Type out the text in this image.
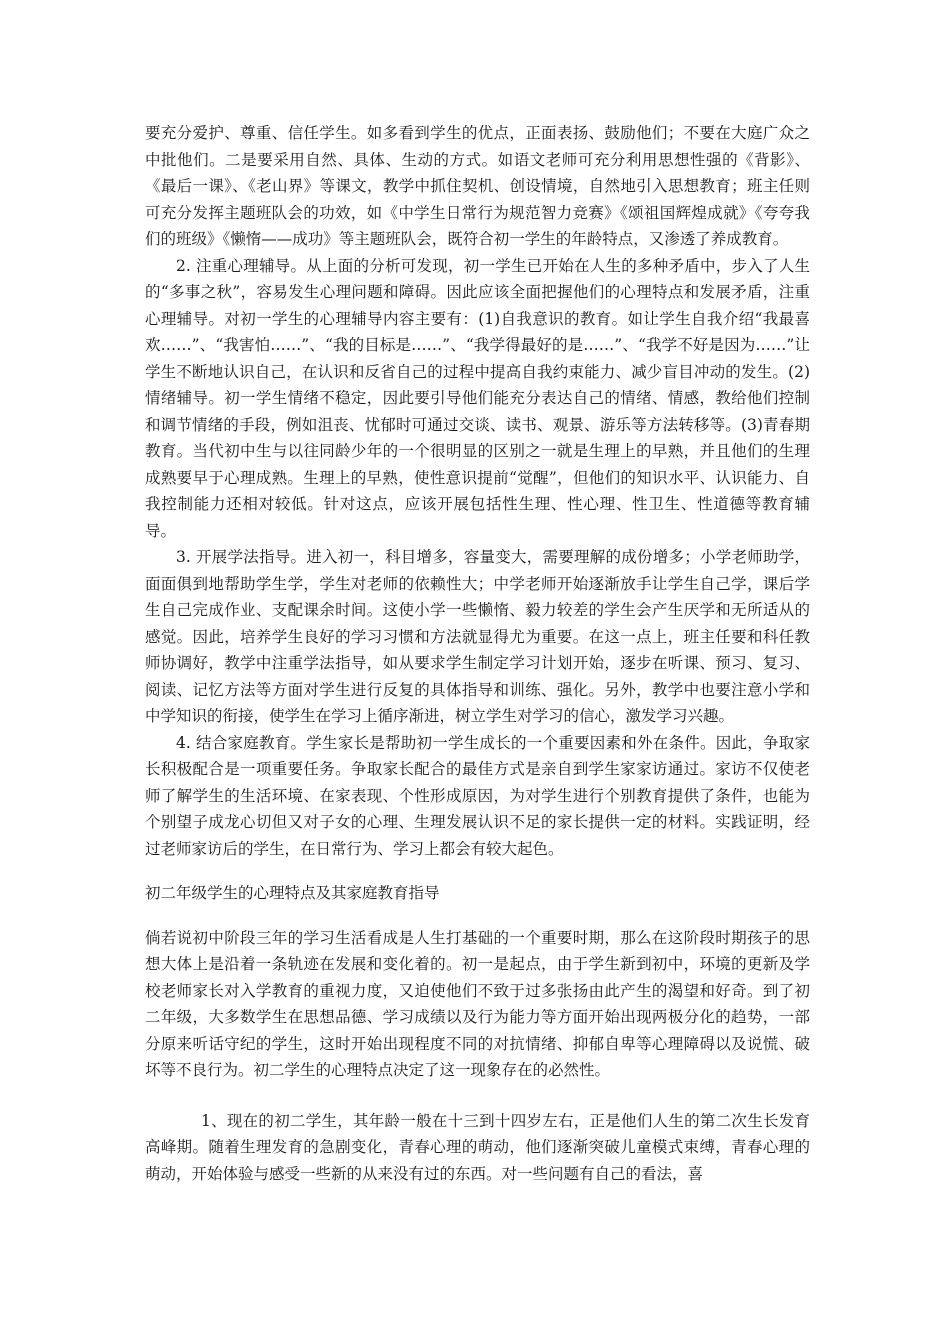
要充分爱护、尊重、信任学生。如多看到学生的优点，正面表扬、鼓励他们；不要在大庭广众之中批他们。二是要采用自然、具体、生动的方式。如语文老师可充分利用思想性强的《背影》、《最后一课》、《老山界》等课文，教学中抓住契机、创设情境，自然地引入思想教育；班主任则可充分发挥主题班队会的功效，如《中学生日常行为规范智力竞赛》《颂祖国辉煌成就》《夸夸我们的班级》《懒惰——成功》等主题班队会，既符合初一学生的年龄特点，又渗透了养成教育。

2. 注重心理辅导。从上面的分析可发现，初一学生已开始在人生的多种矛盾中，步入了人生的“多事之秋”，容易发生心理问题和障碍。因此应该全面把握他们的心理特点和发展矛盾，注重心理辅导。对初一学生的心理辅导内容主要有：(1)自我意识的教育。如让学生自我介绍“我最喜欢……”、“我害怕……”、“我的目标是……”、“我学得最好的是……”、“我学不好是因为……”让学生不断地认识自己，在认识和反省自己的过程中提高自我约束能力、减少盲目冲动的发生。(2)情绪辅导。初一学生情绪不稳定，因此要引导他们能充分表达自己的情绪、情感，教给他们控制和调节情绪的手段，例如沮丧、忧郁时可通过交谈、读书、观景、游乐等方法转移等。(3)青春期教育。当代初中生与以往同龄少年的一个很明显的区别之一就是生理上的早熟，并且他们的生理成熟要早于心理成熟。生理上的早熟，使性意识提前“觉醒”，但他们的知识水平、认识能力、自我控制能力还相对较低。针对这点，应该开展包括性生理、性心理、性卫生、性道德等教育辅导。

3. 开展学法指导。进入初一，科目增多，容量变大，需要理解的成份增多；小学老师助学，面面俱到地帮助学生学，学生对老师的依赖性大；中学老师开始逐渐放手让学生自己学，课后学生自己完成作业、支配课余时间。这使小学一些懒惰、毅力较差的学生会产生厌学和无所适从的感觉。因此，培养学生良好的学习习惯和方法就显得尤为重要。在这一点上，班主任要和科任教师协调好，教学中注重学法指导，如从要求学生制定学习计划开始，逐步在听课、预习、复习、阅读、记忆方法等方面对学生进行反复的具体指导和训练、强化。另外，教学中也要注意小学和中学知识的衔接，使学生在学习上循序渐进，树立学生对学习的信心，激发学习兴趣。

4. 结合家庭教育。学生家长是帮助初一学生成长的一个重要因素和外在条件。因此，争取家长积极配合是一项重要任务。争取家长配合的最佳方式是亲自到学生家家访通过。家访不仅使老师了解学生的生活环境、在家表现、个性形成原因，为对学生进行个别教育提供了条件，也能为个别望子成龙心切但又对子女的心理、生理发展认识不足的家长提供一定的材料。实践证明，经过老师家访后的学生，在日常行为、学习上都会有较大起色。

初二年级学生的心理特点及其家庭教育指导

倘若说初中阶段三年的学习生活看成是人生打基础的一个重要时期，那么在这阶段时期孩子的思想大体上是沿着一条轨迹在发展和变化着的。初一是起点，由于学生新到初中，环境的更新及学校老师家长对入学教育的重视力度，又迫使他们不致于过多张扬由此产生的渴望和好奇。到了初二年级，大多数学生在思想品德、学习成绩以及行为能力等方面开始出现两极分化的趋势，一部分原来听话守纪的学生，这时开始出现程度不同的对抗情绪、抑郁自卑等心理障碍以及说慌、破坏等不良行为。初二学生的心理特点决定了这一现象存在的必然性。

1、现在的初二学生，其年龄一般在十三到十四岁左右，正是他们人生的第二次生长发育高峰期。随着生理发育的急剧变化，青春心理的萌动，他们逐渐突破儿童模式束缚，青春心理的萌动，开始体验与感受一些新的从来没有过的东西。对一些问题有自己的看法，喜
